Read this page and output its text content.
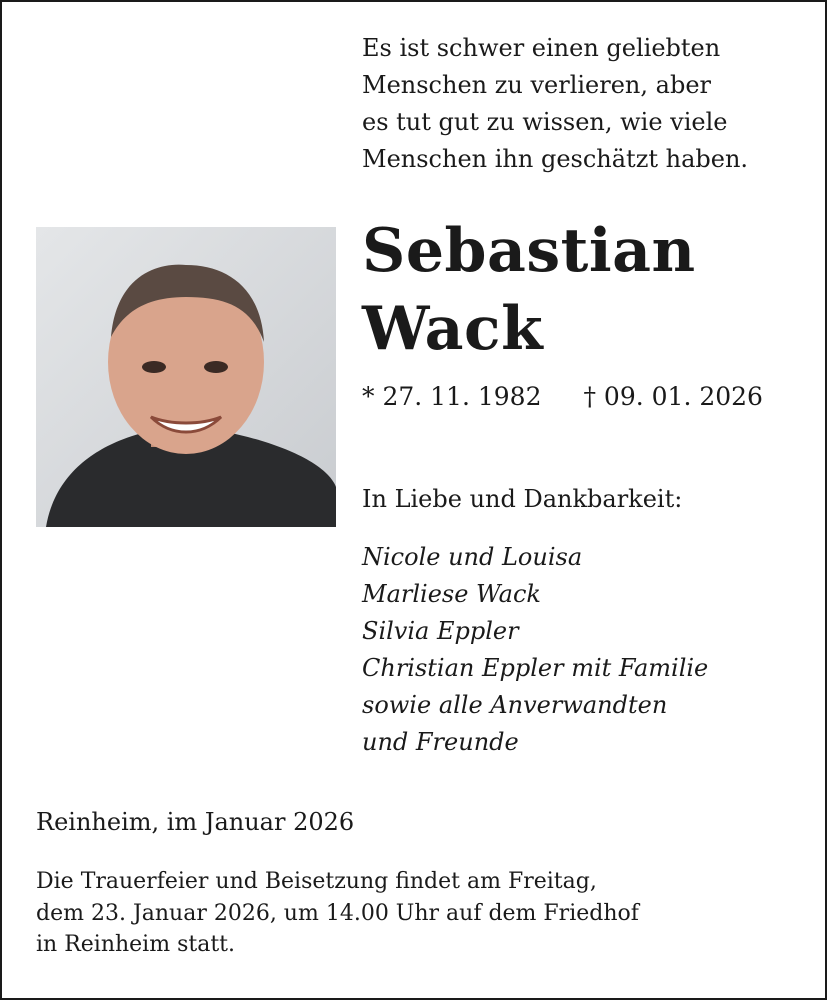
Es ist schwer einen geliebten
Menschen zu verlieren, aber
es tut gut zu wissen, wie viele
Menschen ihn geschätzt haben.
Sebastian
Wack
* 27. 11. 1982 † 09. 01. 2026
In Liebe und Dankbarkeit:
Nicole und Louisa
Marliese Wack
Silvia Eppler
Christian Eppler mit Familie
sowie alle Anverwandten
und Freunde
Reinheim, im Januar 2026
Die Trauerfeier und Beisetzung findet am Freitag,
dem 23. Januar 2026, um 14.00 Uhr auf dem Friedhof
in Reinheim statt.
